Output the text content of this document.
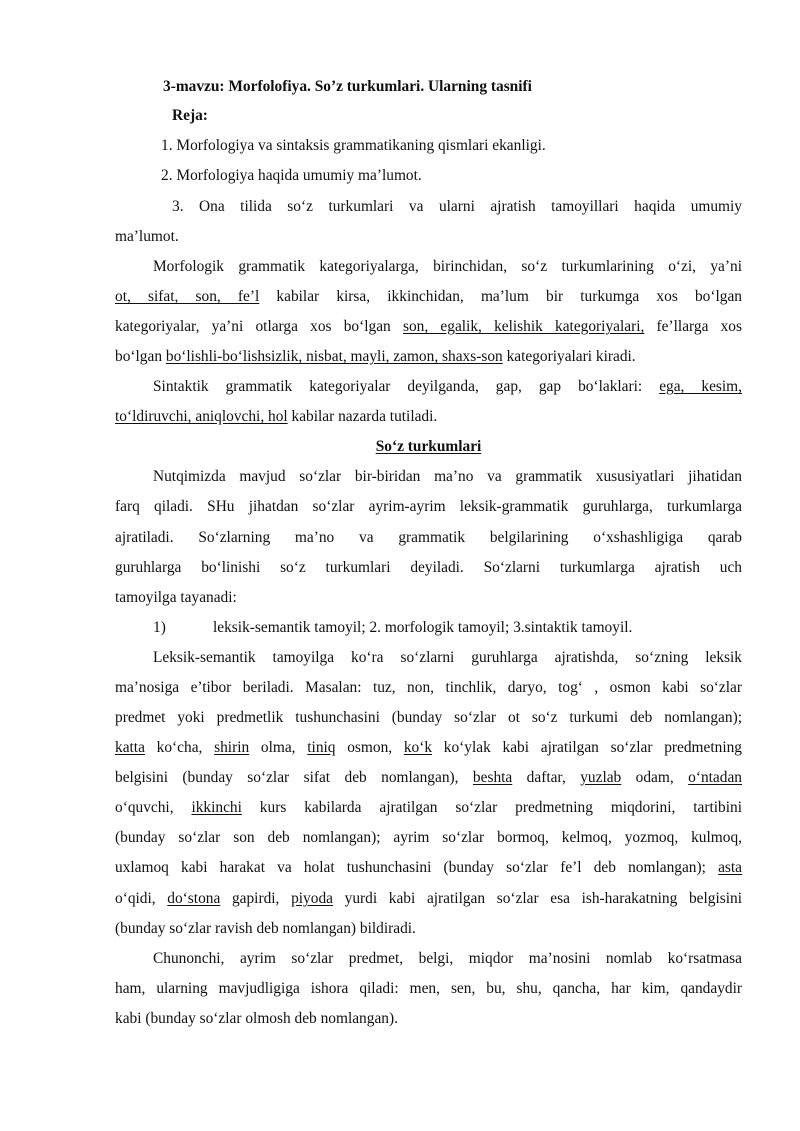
3-mavzu: Morfolofiya. So’z turkumlari. Ularning tasnifi
Reja:
1. Morfologiya va sintaksis grammatikaning qismlari ekanligi.
2. Morfologiya haqida umumiy ma’lumot.
3. Ona tilida so‘z turkumlari va ularni ajratish tamoyillari haqida umumiy
ma’lumot.
Morfologik grammatik kategoriyalarga, birinchidan, so‘z turkumlarining o‘zi, ya’ni
ot, sifat, son, fe’l kabilar kirsa, ikkinchidan, ma’lum bir turkumga xos bo‘lgan
kategoriyalar, ya’ni otlarga xos bo‘lgan son, egalik, kelishik kategoriyalari, fe’llarga xos
bo‘lgan bo‘lishli-bo‘lishsizlik, nisbat, mayli, zamon, shaxs-son kategoriyalari kiradi.
Sintaktik grammatik kategoriyalar deyilganda, gap, gap bo‘laklari: ega, kesim,
to‘ldiruvchi, aniqlovchi, hol kabilar nazarda tutiladi.
So‘z turkumlari
Nutqimizda mavjud so‘zlar bir-biridan ma’no va grammatik xususiyatlari jihatidan
farq qiladi. SHu jihatdan so‘zlar ayrim-ayrim leksik-grammatik guruhlarga, turkumlarga
ajratiladi. So‘zlarning ma’no va grammatik belgilarining o‘xshashligiga qarab
guruhlarga bo‘linishi so‘z turkumlari deyiladi. So‘zlarni turkumlarga ajratish uch
tamoyilga tayanadi:
1)	leksik-semantik tamoyil; 2. morfologik tamoyil; 3.sintaktik tamoyil.
Leksik-semantik tamoyilga ko‘ra so‘zlarni guruhlarga ajratishda, so‘zning leksik
ma’nosiga e’tibor beriladi. Masalan: tuz, non, tinchlik, daryo, tog‘ , osmon kabi so‘zlar
predmet yoki predmetlik tushunchasini (bunday so‘zlar ot so‘z turkumi deb nomlangan);
katta ko‘cha, shirin olma, tiniq osmon, ko‘k ko‘ylak kabi ajratilgan so‘zlar predmetning
belgisini (bunday so‘zlar sifat deb nomlangan), beshta daftar, yuzlab odam, o‘ntadan
o‘quvchi, ikkinchi kurs kabilarda ajratilgan so‘zlar predmetning miqdorini, tartibini
(bunday so‘zlar son deb nomlangan); ayrim so‘zlar bormoq, kelmoq, yozmoq, kulmoq,
uxlamoq kabi harakat va holat tushunchasini (bunday so‘zlar fe’l deb nomlangan); asta
o‘qidi, do‘stona gapirdi, piyoda yurdi kabi ajratilgan so‘zlar esa ish-harakatning belgisini
(bunday so‘zlar ravish deb nomlangan) bildiradi.
Chunonchi, ayrim so‘zlar predmet, belgi, miqdor ma’nosini nomlab ko‘rsatmasa
ham, ularning mavjudligiga ishora qiladi: men, sen, bu, shu, qancha, har kim, qandaydir
kabi (bunday so‘zlar olmosh deb nomlangan).
